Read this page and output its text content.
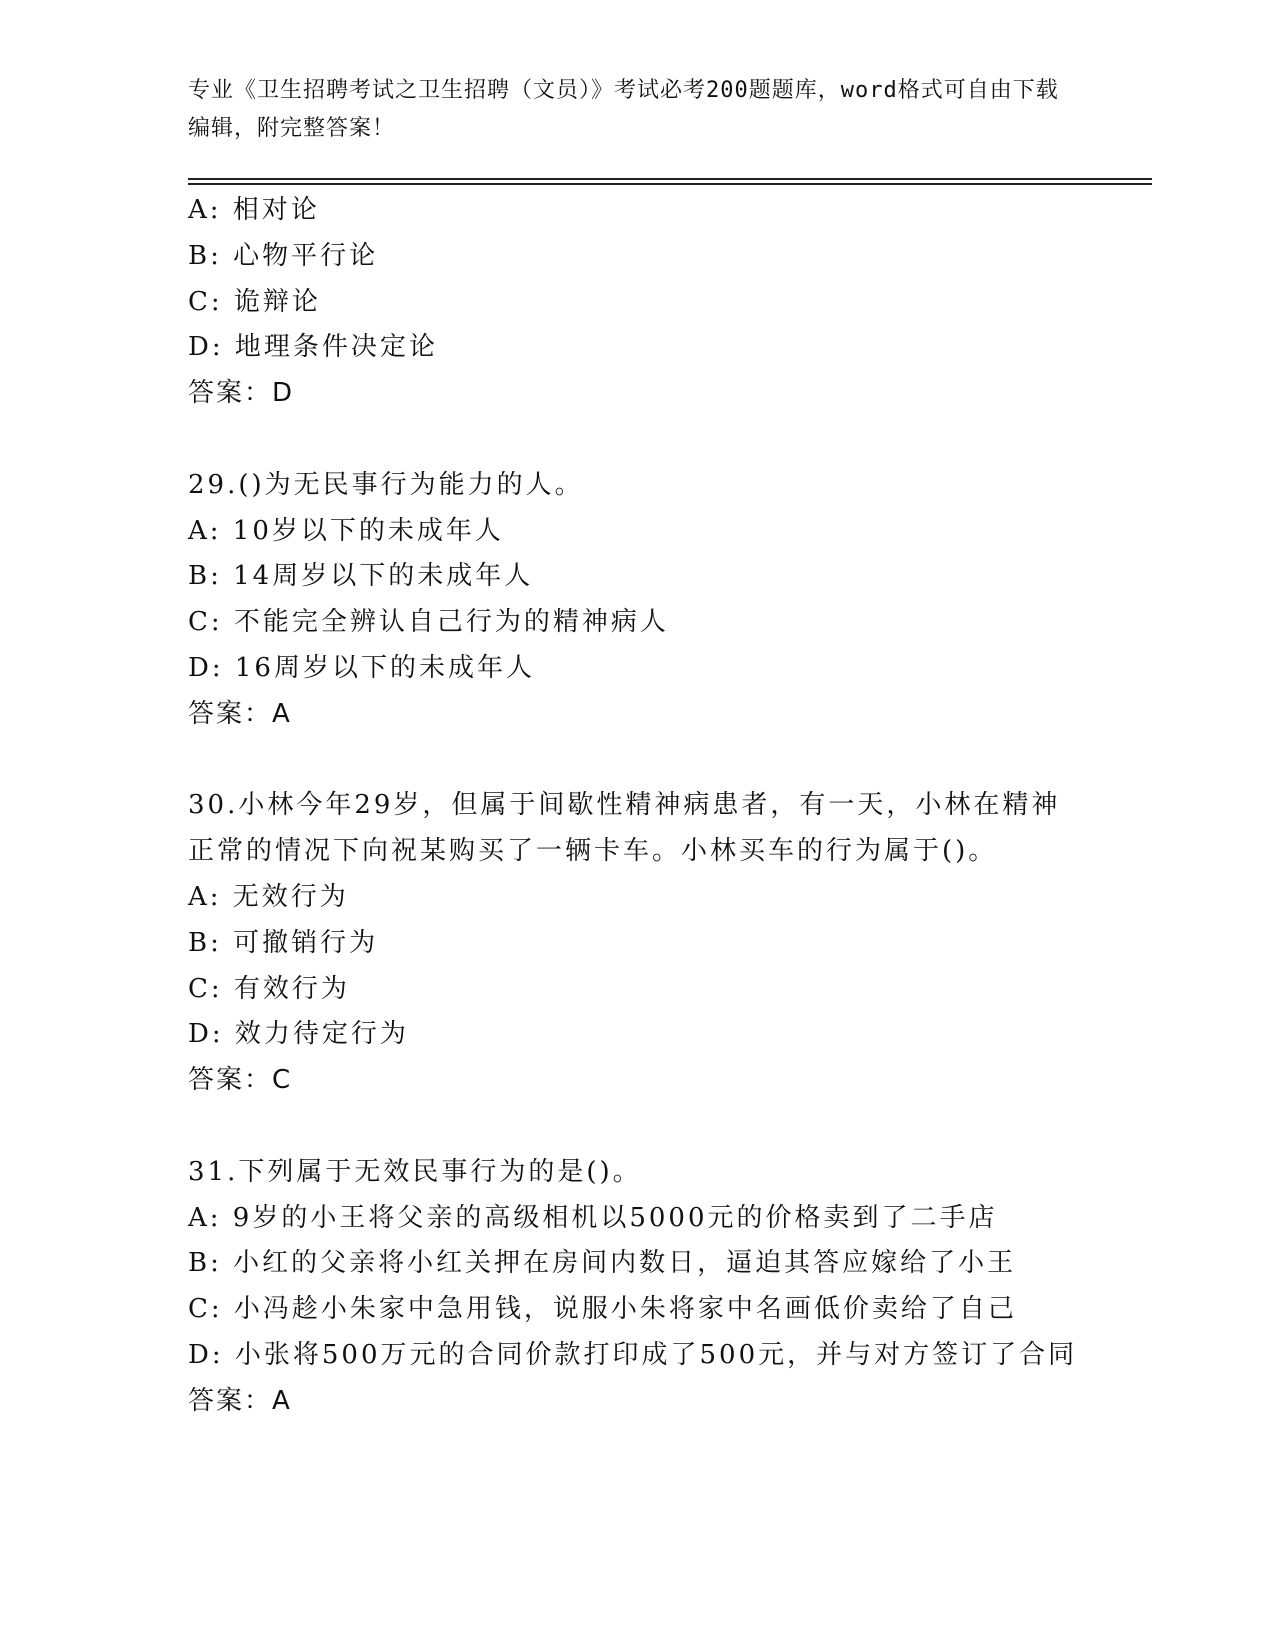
专业《卫生招聘考试之卫生招聘（文员）》考试必考200题题库，word格式可自由下载编辑，附完整答案！
A: 相对论
B: 心物平行论
C: 诡辩论
D: 地理条件决定论
答案：D
29.()为无民事行为能力的人。
A: 10岁以下的未成年人
B: 14周岁以下的未成年人
C: 不能完全辨认自己行为的精神病人
D: 16周岁以下的未成年人
答案：A
30.小林今年29岁，但属于间歇性精神病患者，有一天，小林在精神
正常的情况下向祝某购买了一辆卡车。小林买车的行为属于()。
A: 无效行为
B: 可撤销行为
C: 有效行为
D: 效力待定行为
答案：C
31.下列属于无效民事行为的是()。
A: 9岁的小王将父亲的高级相机以5000元的价格卖到了二手店
B: 小红的父亲将小红关押在房间内数日，逼迫其答应嫁给了小王
C: 小冯趁小朱家中急用钱，说服小朱将家中名画低价卖给了自己
D: 小张将500万元的合同价款打印成了500元，并与对方签订了合同
答案：A
